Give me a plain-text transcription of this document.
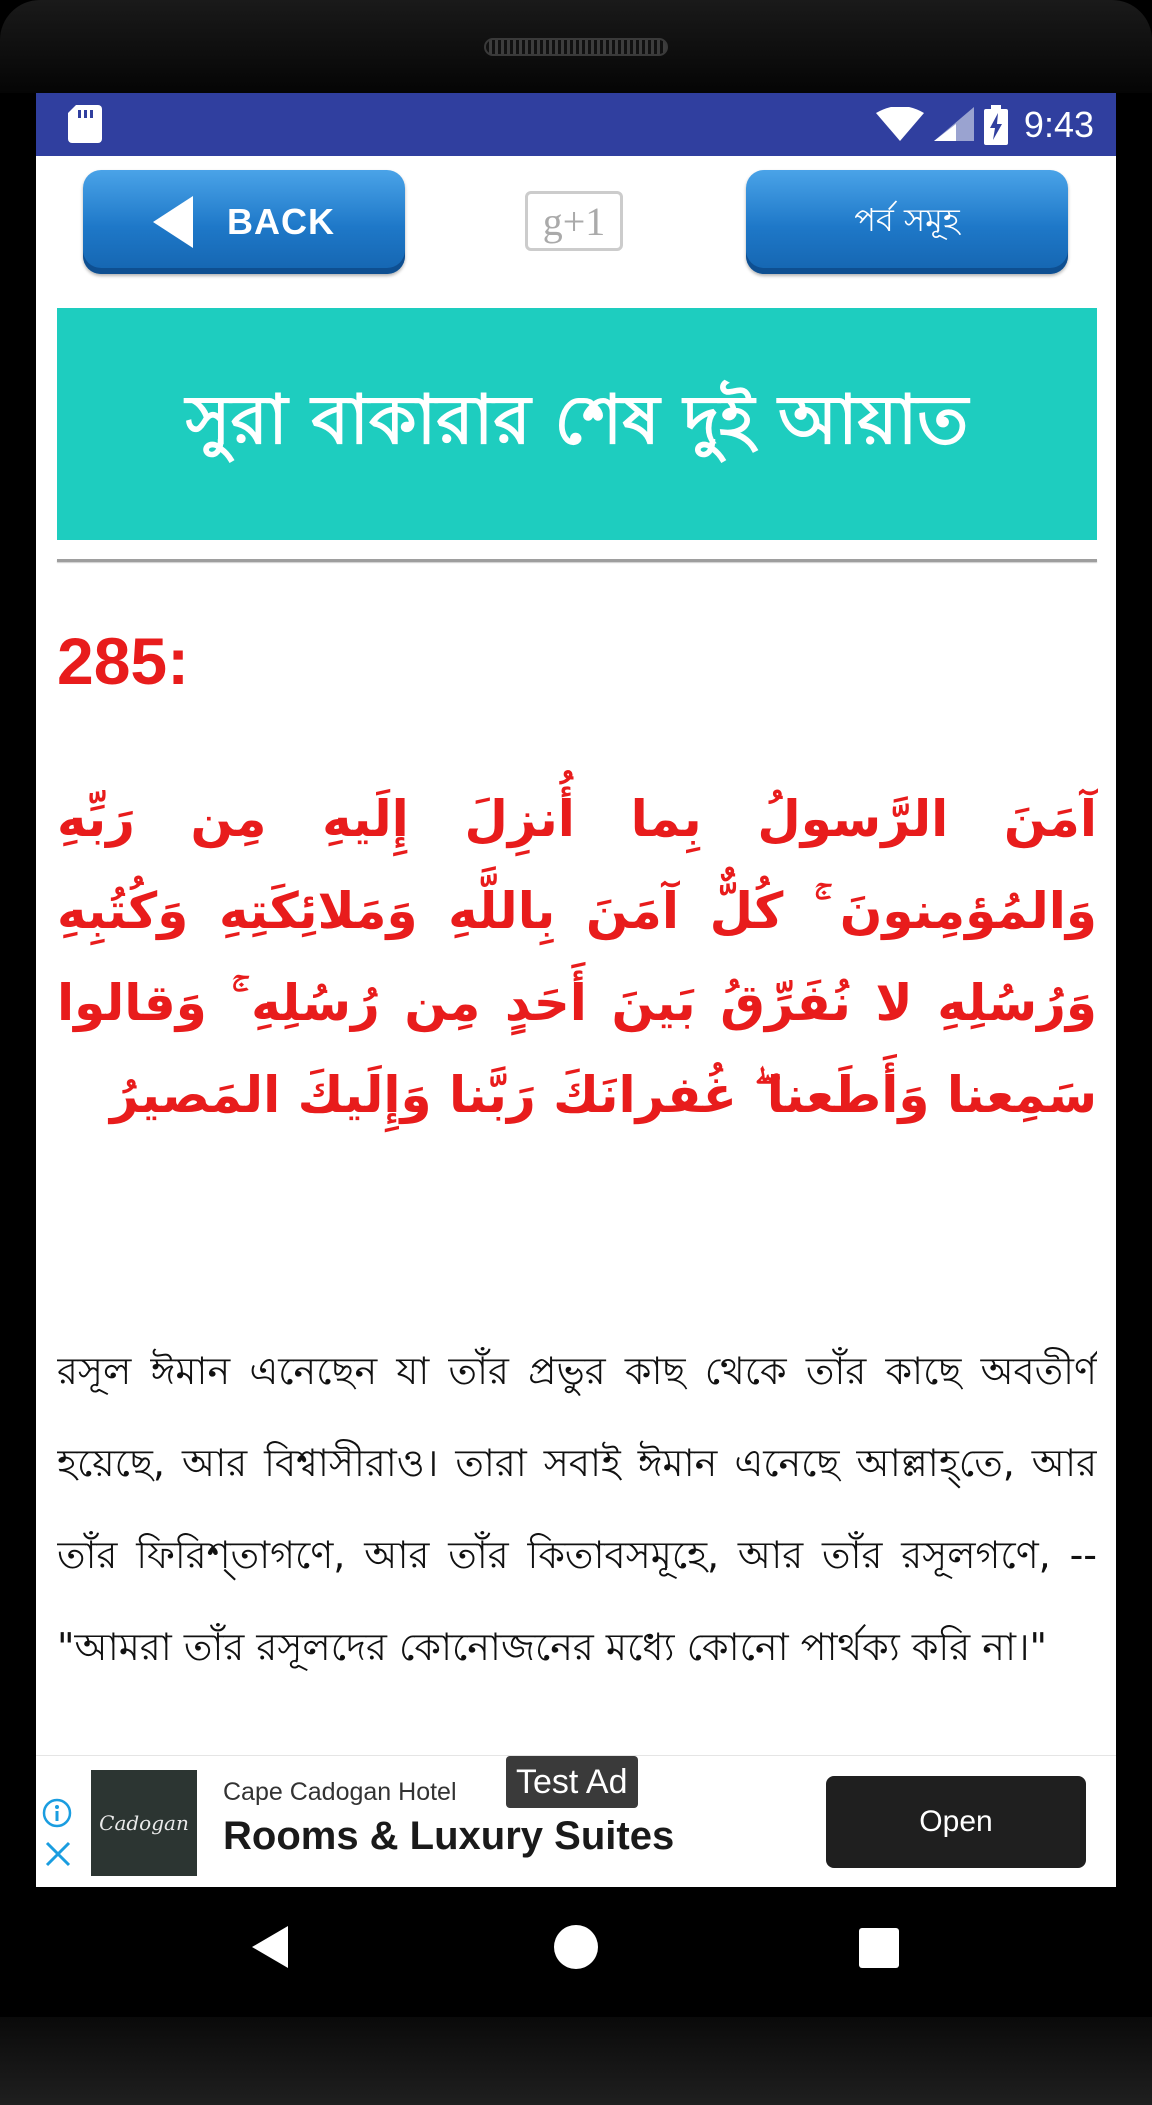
9:43
BACK	g+1	পর্ব সমূহ
সুরা বাকারার শেষ দুই আয়াত
285:
آمَنَ الرَّسولُ بِما أُنزِلَ إِلَيهِ مِن رَبِّهِ وَالمُؤمِنونَ ۚ كُلٌّ آمَنَ بِاللَّهِ وَمَلائِكَتِهِ وَكُتُبِهِ وَرُسُلِهِ لا نُفَرِّقُ بَينَ أَحَدٍ مِن رُسُلِهِ ۚ وَقالوا سَمِعنا وَأَطَعنا ۖ غُفرانَكَ رَبَّنا وَإِلَيكَ المَصيرُ
রসূল ঈমান এনেছেন যা তাঁর প্রভুর কাছ থেকে তাঁর কাছে অবতীর্ণ হয়েছে, আর বিশ্বাসীরাও। তারা সবাই ঈমান এনেছে আল্লাহ্‌তে, আর তাঁর ফিরিশ্‌তাগণে, আর তাঁর কিতাবসমূহে, আর তাঁর রসূলগণে, -- "আমরা তাঁর রসূলদের কোনোজনের মধ্যে কোনো পার্থক্য করি না।"
Cadogan
Cape Cadogan Hotel
Rooms & Luxury Suites
Test Ad
Open
